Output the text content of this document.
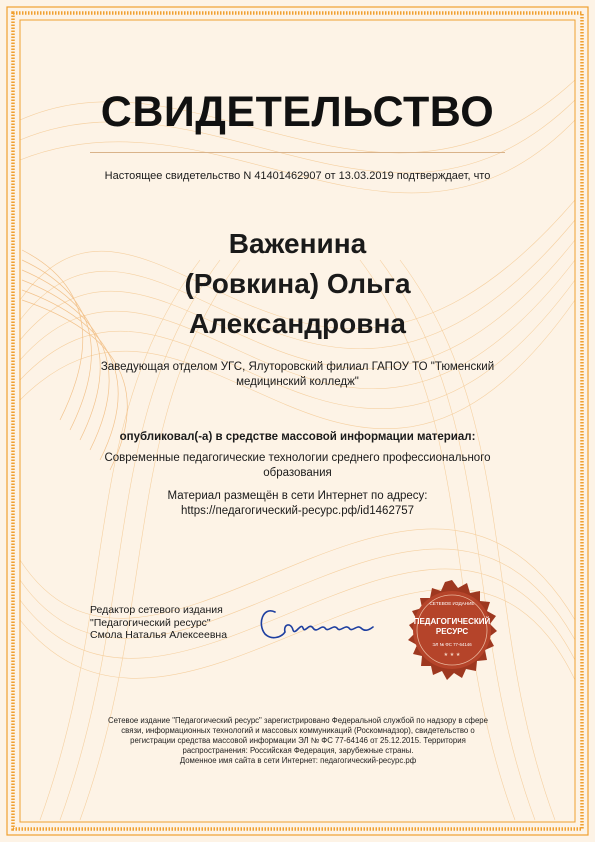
СВИДЕТЕЛЬСТВО
Настоящее свидетельство N 41401462907 от 13.03.2019 подтверждает, что
Важенина
(Ровкина) Ольга
Александровна
Заведующая отделом УГС, Ялуторовский филиал ГАПОУ ТО "Тюменский
медицинский колледж"
опубликовал(-а) в средстве массовой информации материал:
Современные педагогические технологии среднего профессионального
образования
Материал размещён в сети Интернет по адресу:
https://педагогический-ресурс.рф/id1462757
Редактор сетевого издания
"Педагогический ресурс"
Смола Наталья Алексеевна
СЕТЕВОЕ ИЗДАНИЕ
ПЕДАГОГИЧЕСКИЙ
РЕСУРС
ЭЛ № ФС 77-64146
★ ★ ★
Сетевое издание "Педагогический ресурс" зарегистрировано Федеральной службой по надзору в сфере
связи, информационных технологий и массовых коммуникаций (Роскомнадзор), свидетельство о
регистрации средства массовой информации ЭЛ № ФС 77-64146 от 25.12.2015. Территория
распространения: Российская Федерация, зарубежные страны.
Доменное имя сайта в сети Интернет: педагогический-ресурс.рф
